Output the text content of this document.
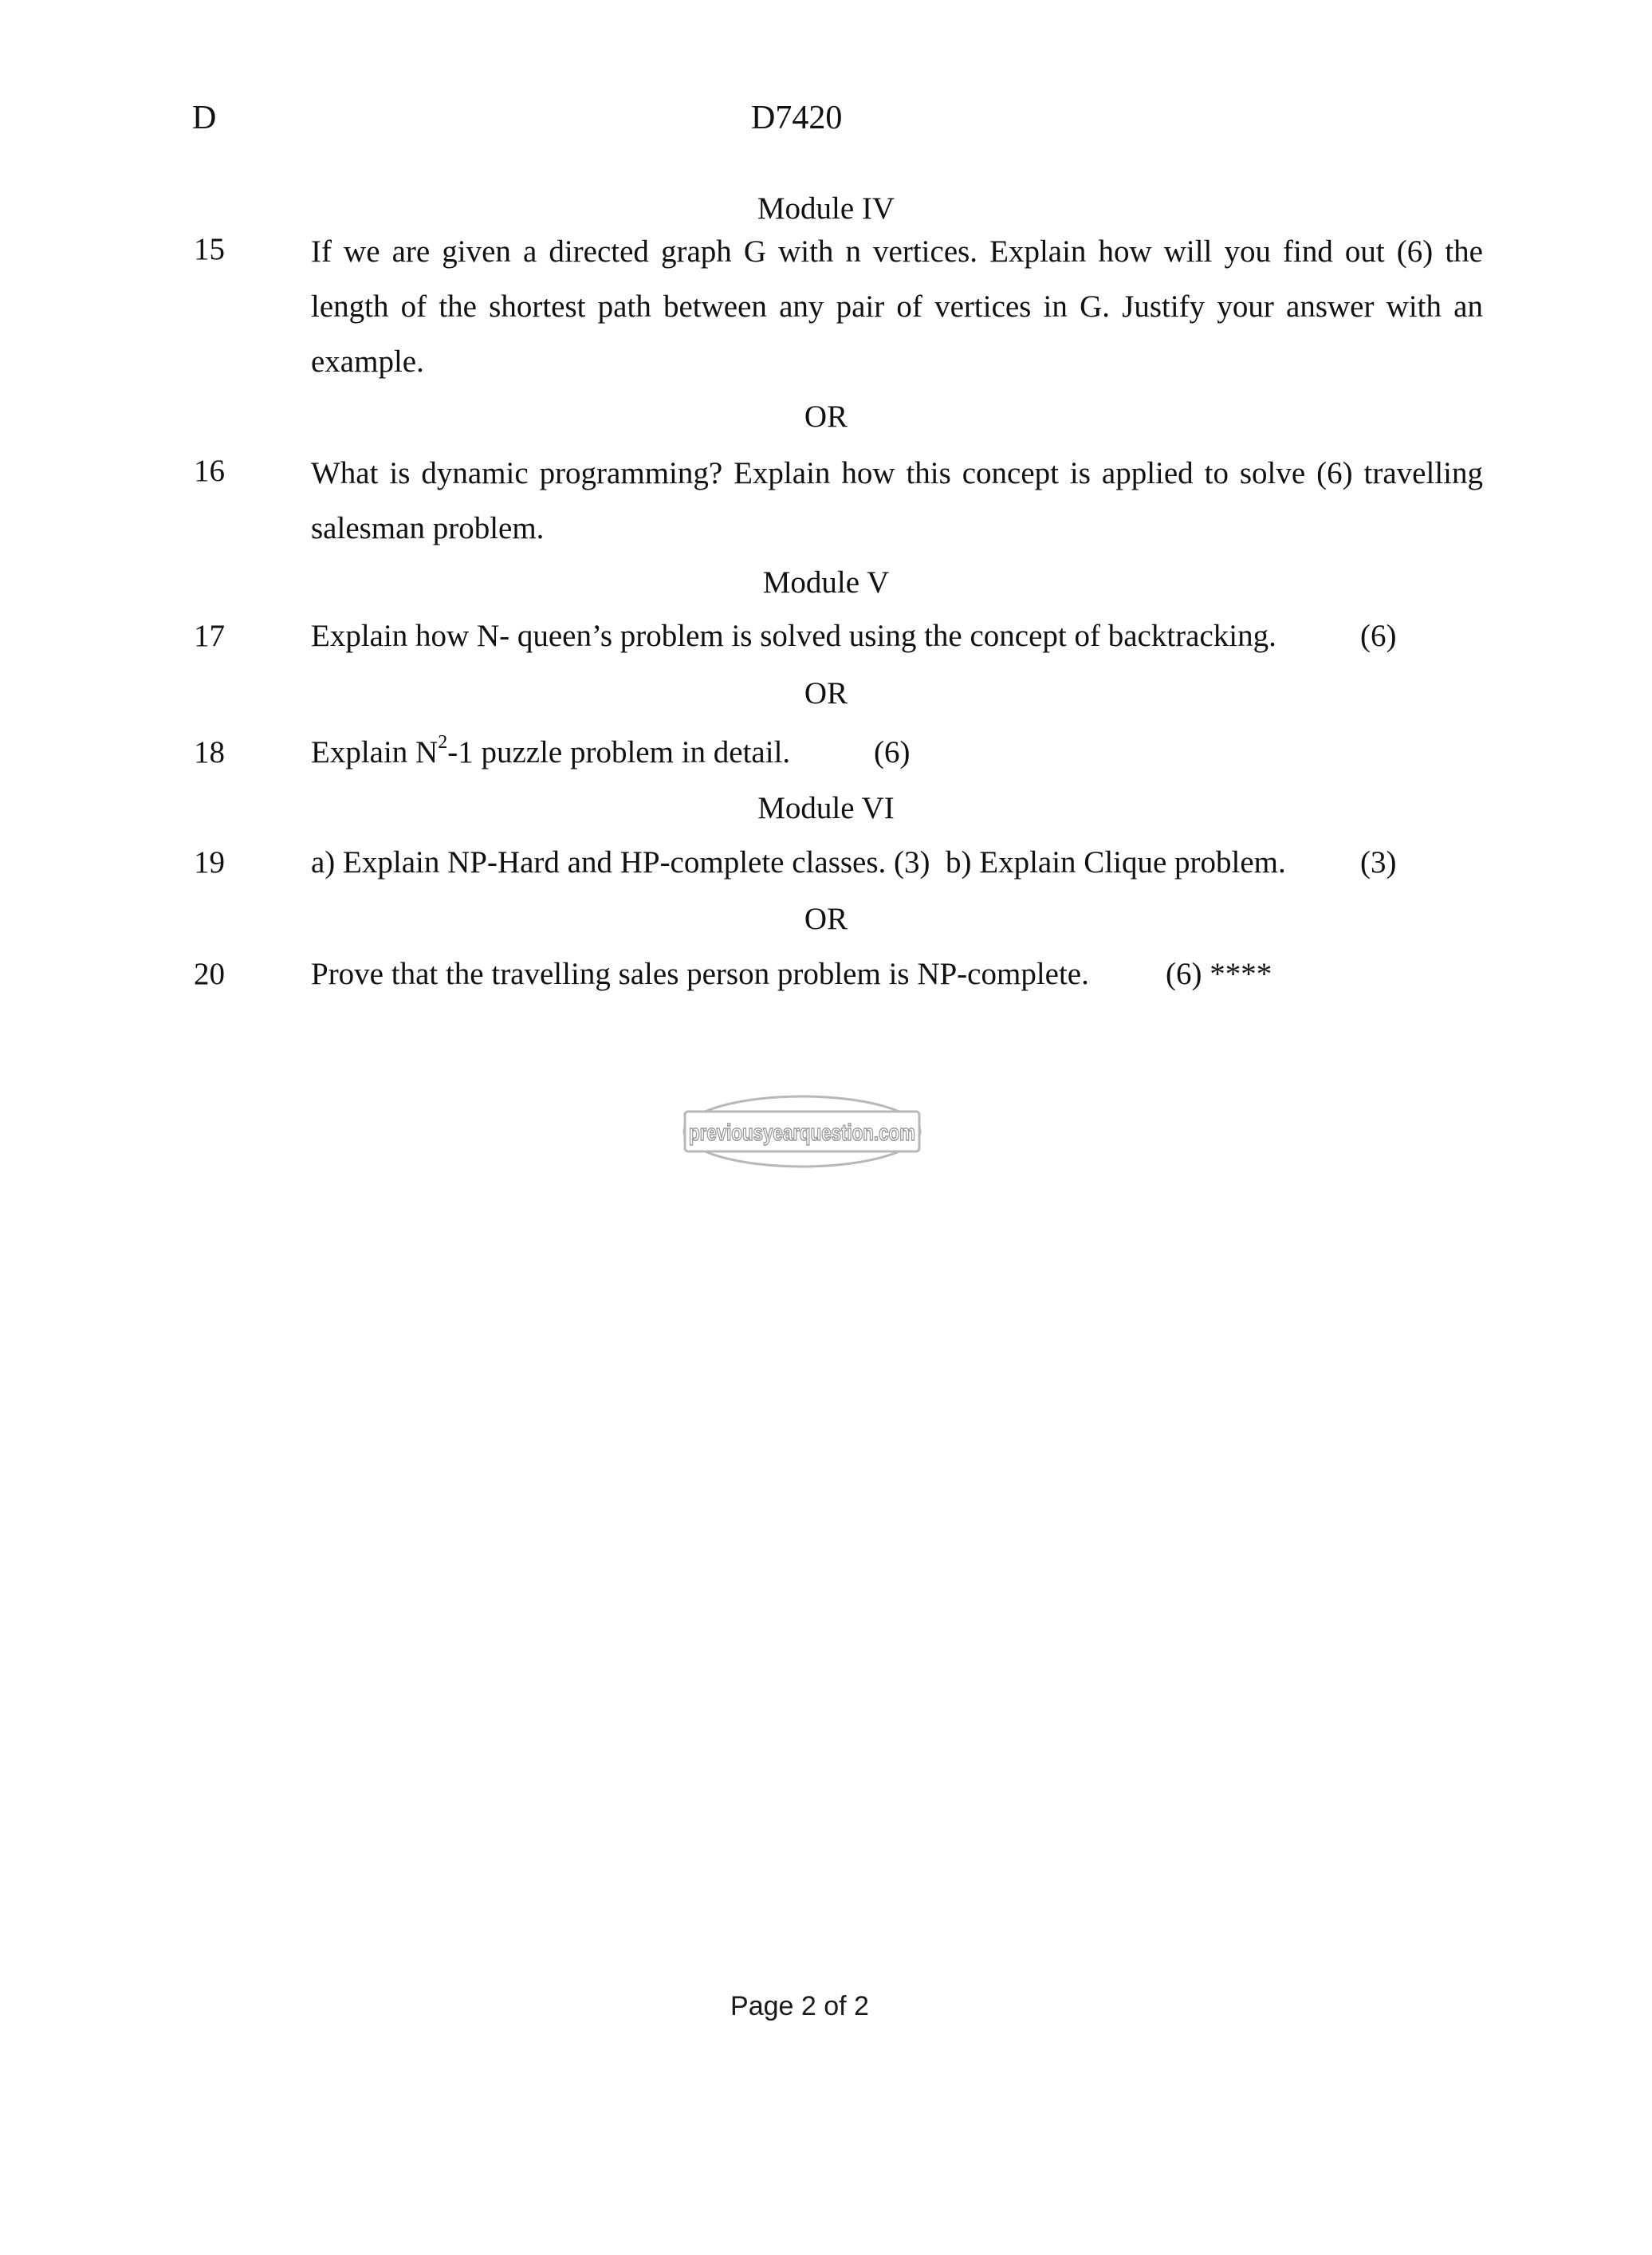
D	D7420
Module IV
15	If we are given a directed graph G with n vertices. Explain how will you find out (6) the
length of the shortest path between any pair of vertices in G. Justify your answer with an
example.
OR
16	What is dynamic programming? Explain how this concept is applied to solve (6) travelling
salesman problem.
Module V
17	Explain how N- queen’s problem is solved using the concept of backtracking.	(6)
OR
18	Explain $N^2-1$ puzzle problem in detail.	(6)
Module VI
19	a) Explain NP-Hard and HP-complete classes. (3)  b) Explain Clique problem. (3)
OR
20	Prove that the travelling sales person problem is NP-complete. (6) ****
previousyearquestion.com
Page 2 of 2
